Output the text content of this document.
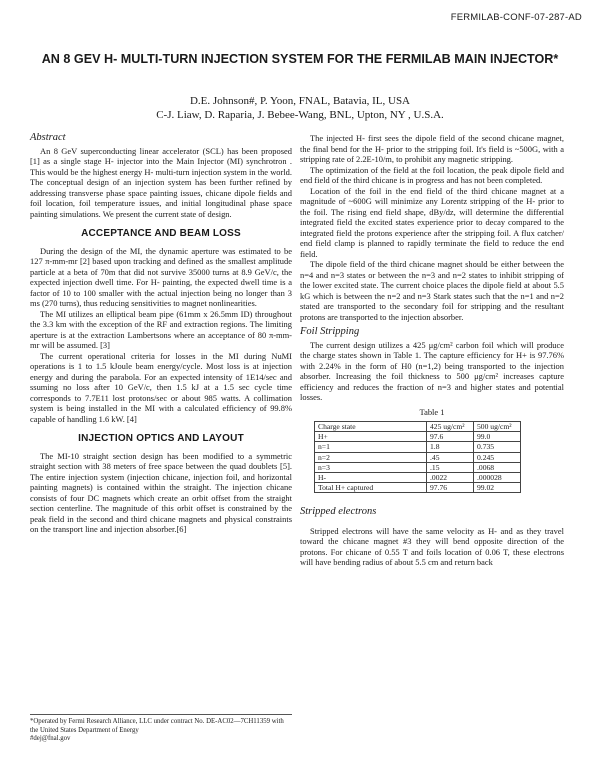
FERMILAB-CONF-07-287-AD
AN 8 GEV H- MULTI-TURN INJECTION SYSTEM FOR THE FERMILAB MAIN INJECTOR*
D.E. Johnson#, P. Yoon, FNAL, Batavia, IL, USA
C-J. Liaw, D. Raparia, J. Bebee-Wang, BNL, Upton, NY , U.S.A.
Abstract

An 8 GeV superconducting linear accelerator (SCL) has been proposed [1] as a single stage H- injector into the Main Injector (MI) synchrotron . This would be the highest energy H- multi-turn injection system in the world. The conceptual design of an injection system has been further refined by addressing transverse phase space painting issues, chicane dipole fields and foil location, foil temperature issues, and initial longitudinal phase space painting simulations. We present the current state of design.

ACCEPTANCE AND BEAM LOSS

During the design of the MI, the dynamic aperture was estimated to be 127 π-mm-mr [2] based upon tracking and defined as the smallest amplitude particle at a beta of 70m that did not survive 35000 turns at 8.9 GeV/c, the expected injection dwell time. For H- painting, the expected dwell time is a factor of 10 to 100 smaller with the actual injection being no longer than 3 ms (270 turns), thus reducing sensitivities to magnet nonlinearities.

The MI utilizes an elliptical beam pipe (61mm x 26.5mm ID) throughout the 3.3 km with the exception of the RF and extraction regions. The limiting aperture is at the extraction Lambertsons where an acceptance of 80 π-mm-mr will be assumed. [3]

The current operational criteria for losses in the MI during NuMI operations is 1 to 1.5 kJoule beam energy/cycle. Most loss is at injection energy and during the parabola. For an expected intensity of 1E14/sec and ssuming no loss after 10 GeV/c, then 1.5 kJ at a 1.5 sec cycle time corresponds to 7.7E11 lost protons/sec or about 985 watts. A collimation system is being installed in the MI with a calculated efficiency of 99.8% capable of handling 1.6 kW. [4]

INJECTION OPTICS AND LAYOUT

The MI-10 straight section design has been modified to a symmetric straight section with 38 meters of free space between the quad doublets [5]. The entire injection system (injection chicane, injection foil, and horizontal painting magnets) is contained within the straight. The injection chicane consists of four DC magnets which create an orbit offset from the straight section centerline. The magnitude of this orbit offset is constrained by the peak field in the second and third chicane magnets and physical constraints on the transport line and injection absorber.[6]

*Operated by Fermi Research Alliance, LLC under contract No. DE-AC02—7CH11359 with the United States Department of Energy

#dej@fnal.gov

The injected H- first sees the dipole field of the second chicane magnet, the final bend for the H- prior to the stripping foil. It's field is ~500G, with a stripping rate of 2.2E-10/m, to prohibit any magnetic stripping.

The optimization of the field at the foil location, the peak dipole field and end field of the third chicane is in progress and has not been completed.

Location of the foil in the end field of the third chicane magnet at a magnitude of ~600G will minimize any Lorentz stripping of the H- prior to the foil. The rising end field shape, dBy/dz, will determine the differential integrated field the excited states experience prior to decay compared to the integrated field the protons experience after the stripping foil. A flux catcher/ end field clamp is planned to rapidly terminate the field to reduce the end field.

The dipole field of the third chicane magnet should be either between the n=4 and n=3 states or between the n=3 and n=2 states to inhibit stripping of the lower excited state. The current choice places the dipole field at about 5.5 kG which is between the n=2 and n=3 Stark states such that the n=1 and n=2 stated are transported to the secondary foil for stripping and the resultant protons are transported to the injection absorber.

Foil Stripping

The current design utilizes a 425 μg/cm² carbon foil which will produce the charge states shown in Table 1. The capture efficiency for H+ is 97.76% with 2.24% in the form of H0 (n=1,2) being transported to the injection absorber. Increasing the foil thickness to 500 μg/cm² increases capture efficiency and reduces the fraction of n=3 and higher states and potential losses.

Table 1
Charge state	425 ug/cm²	500 ug/cm²
H+	97.6	99.0
n=1	1.8	0.735
n=2	.45	0.245
n=3	.15	.0068
H-	.0022	.000028
Total H+ captured	97.76	99.02
Stripped electrons

Stripped electrons will have the same velocity as H- and as they travel toward the chicane magnet #3 they will bend opposite direction of the protons. For chicane of 0.55 T and foils location of 0.06 T, these electrons will have bending radius of about 5.5 cm and return back
